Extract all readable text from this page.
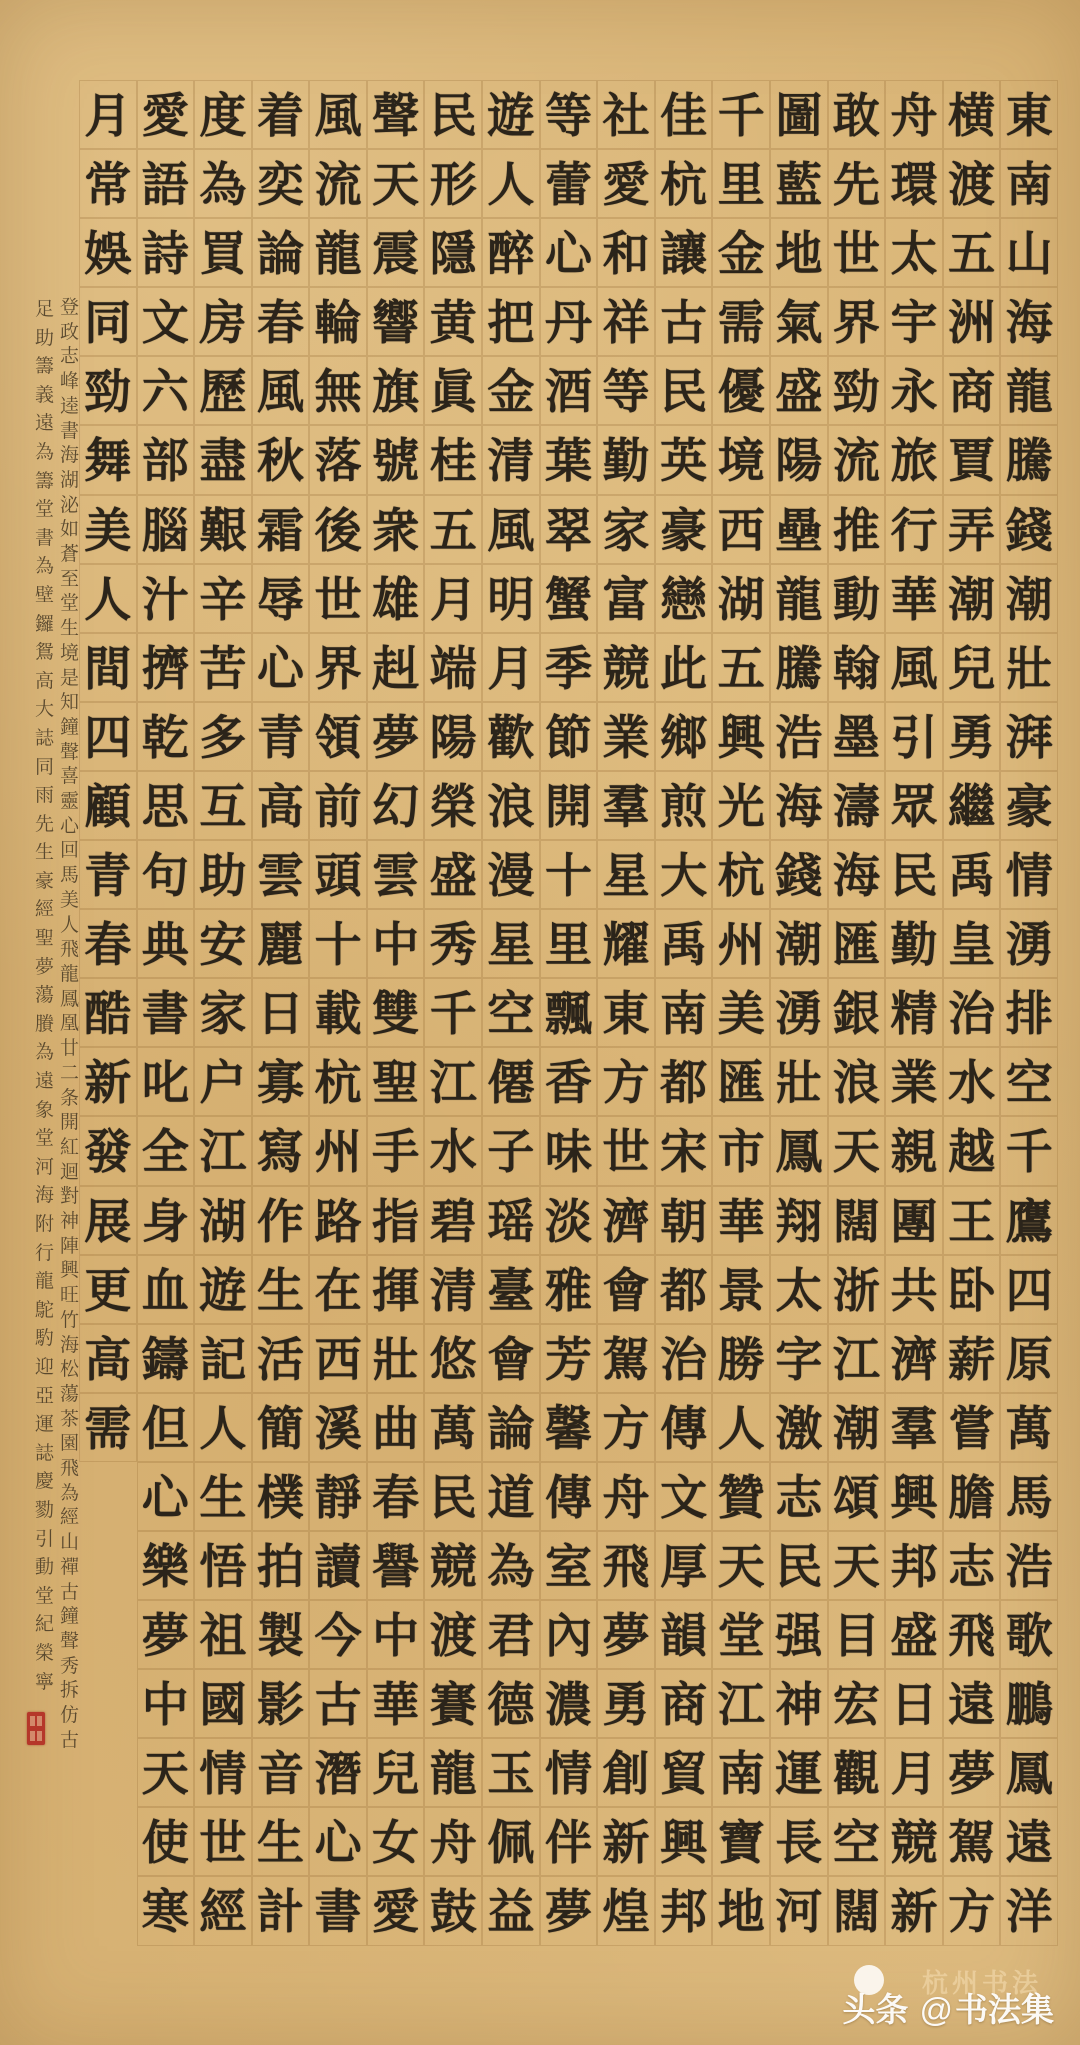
東
南
山
海
龍
騰
錢
潮
壯
湃
豪
情
湧
排
空
千
鷹
四
原
萬
馬
浩
歌
鵬
鳳
遠
洋
横
渡
五
洲
商
賈
弄
潮
兒
勇
繼
禹
皇
治
水
越
王
卧
薪
嘗
膽
志
飛
遠
夢
駕
方
舟
環
太
宇
永
旅
行
華
風
引
眾
民
勤
精
業
親
團
共
濟
羣
興
邦
盛
日
月
競
新
敢
先
世
界
勁
流
推
動
翰
墨
濤
海
匯
銀
浪
天
闊
浙
江
潮
頌
天
目
宏
觀
空
闊
圖
藍
地
氣
盛
陽
壘
龍
騰
浩
海
錢
潮
湧
壯
鳳
翔
太
字
激
志
民
强
神
運
長
河
千
里
金
需
優
境
西
湖
五
興
光
杭
州
美
匯
市
華
景
勝
人
贊
天
堂
江
南
寶
地
佳
杭
讓
古
民
英
豪
戀
此
鄉
煎
大
禹
南
都
宋
朝
都
治
傳
文
厚
韻
商
貿
興
邦
社
愛
和
祥
等
勤
家
富
競
業
羣
星
耀
東
方
世
濟
會
駕
方
舟
飛
夢
勇
創
新
煌
等
蕾
心
丹
酒
葉
翠
蟹
季
節
開
十
里
飄
香
味
淡
雅
芳
馨
傳
室
內
濃
情
伴
夢
遊
人
醉
把
金
清
風
明
月
歡
浪
漫
星
空
僊
子
瑶
臺
會
論
道
為
君
德
玉
佩
益
民
形
隱
黄
眞
桂
五
月
端
陽
榮
盛
秀
千
江
水
碧
清
悠
萬
民
競
渡
賽
龍
舟
鼓
聲
天
震
響
旗
號
衆
雄
赳
夢
幻
雲
中
雙
聖
手
指
揮
壯
曲
春
譽
中
華
兒
女
愛
風
流
龍
輪
無
落
後
世
界
領
前
頭
十
載
杭
州
路
在
西
溪
靜
讀
今
古
潛
心
書
着
奕
論
春
風
秋
霜
辱
心
青
高
雲
麗
日
寡
寫
作
生
活
簡
樸
拍
製
影
音
生
計
度
為
買
房
歷
盡
艱
辛
苦
多
互
助
安
家
户
江
湖
遊
記
人
生
悟
祖
國
情
世
經
愛
語
詩
文
六
部
腦
汁
擠
乾
思
句
典
書
叱
全
身
血
鑄
但
心
樂
夢
中
天
使
寒
月
常
娛
同
勁
舞
美
人
間
四
顧
青
春
酷
新
發
展
更
高
需
登
政
志
峰
逵
書
海
湖
泌
如
蒼
至
堂
生
境
是
知
鐘
聲
喜
靈
心
回
馬
美
人
飛
龍
鳳
凰
廿
二
条
開
紅
迴
對
神
陣
興
旺
竹
海
松
蕩
茶
園
飛
為
經
山
禪
古
鐘
聲
秀
拆
仿
古
足
助
籌
義
遠
為
籌
堂
書
為
壁
鑼
鴛
高
大
誌
同
雨
先
生
豪
經
聖
夢
蕩
賸
為
遠
象
堂
河
海
附
行
龍
鴕
馰
迎
亞
運
誌
慶
勠
引
動
堂
紀
榮
寧
杭州书法
头条 @书法集
